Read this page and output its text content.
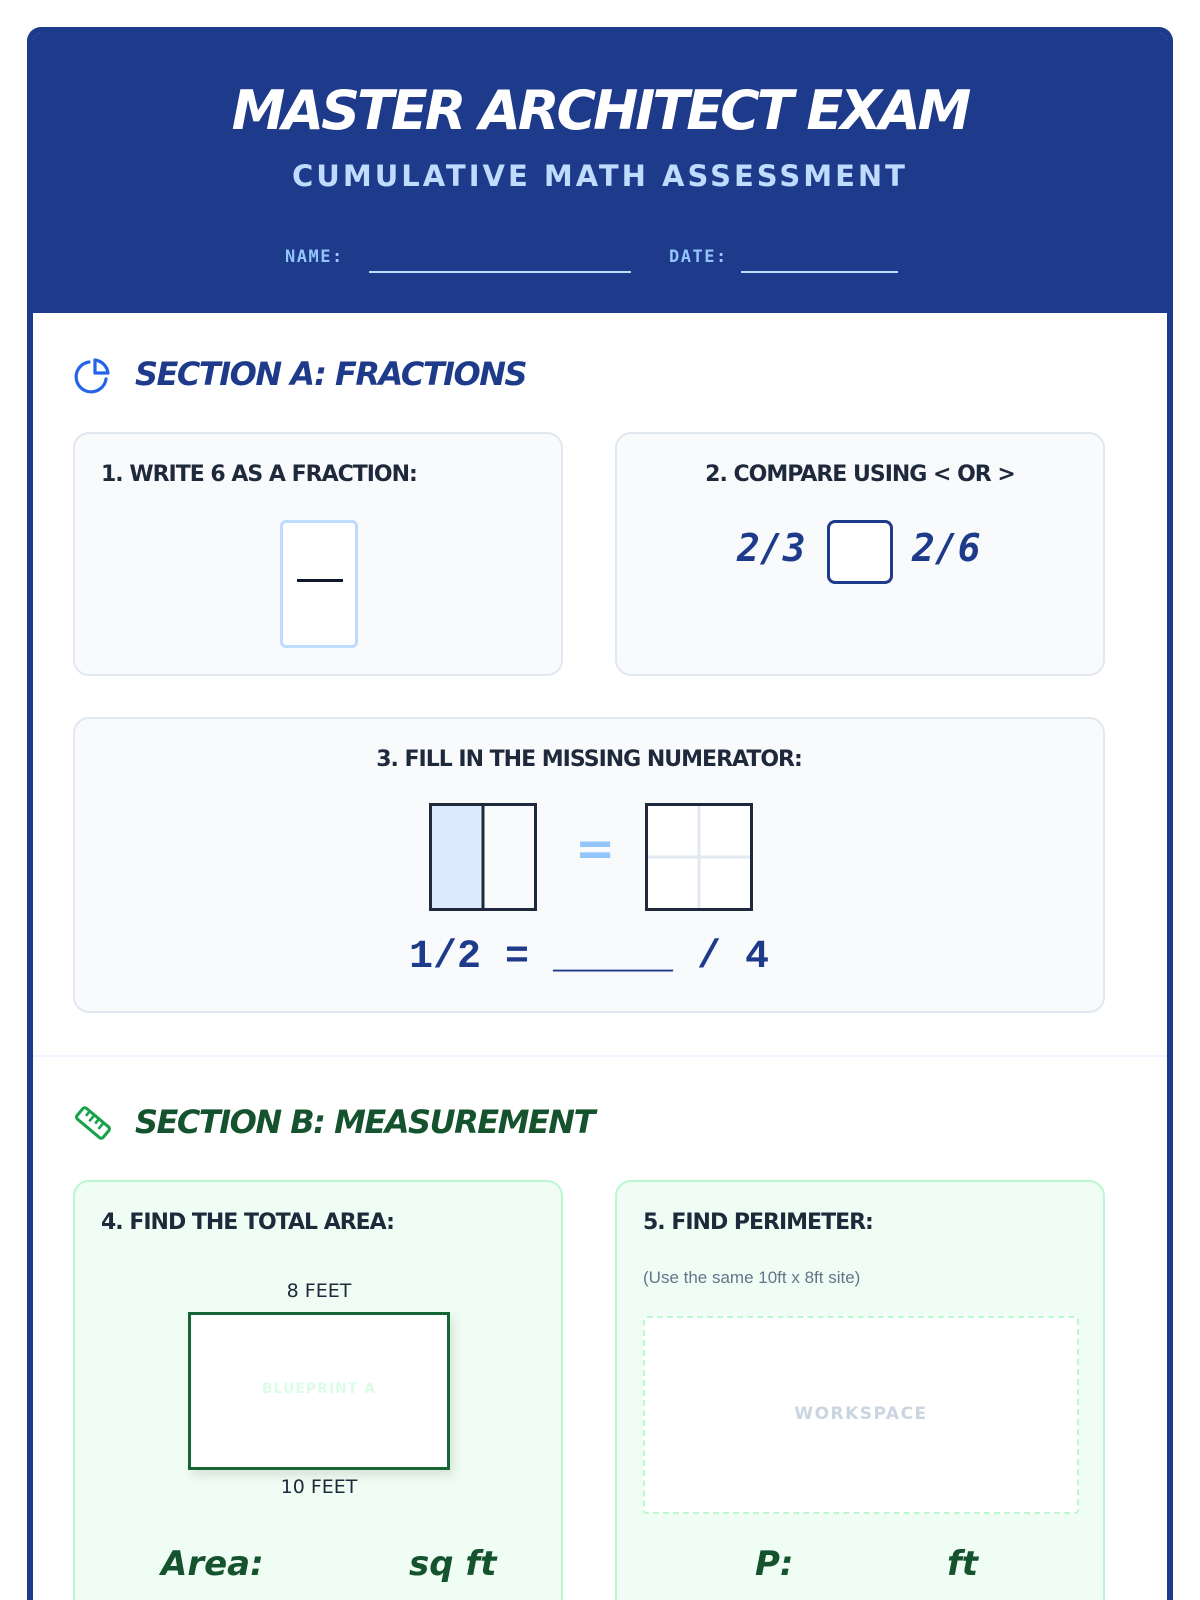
MASTER ARCHITECT EXAM
CUMULATIVE MATH ASSESSMENT
NAME:	DATE:
SECTION A: FRACTIONS
1. WRITE 6 AS A FRACTION:	2. COMPARE USING < OR >
2/3	2/6
3. FILL IN THE MISSING NUMERATOR:
=
1/2 = _____ / 4
SECTION B: MEASUREMENT
4. FIND THE TOTAL AREA:
8 FEET
BLUEPRINT A
10 FEET
Area:	sq ft
5. FIND PERIMETER:
(Use the same 10ft x 8ft site)
WORKSPACE
P:	ft
